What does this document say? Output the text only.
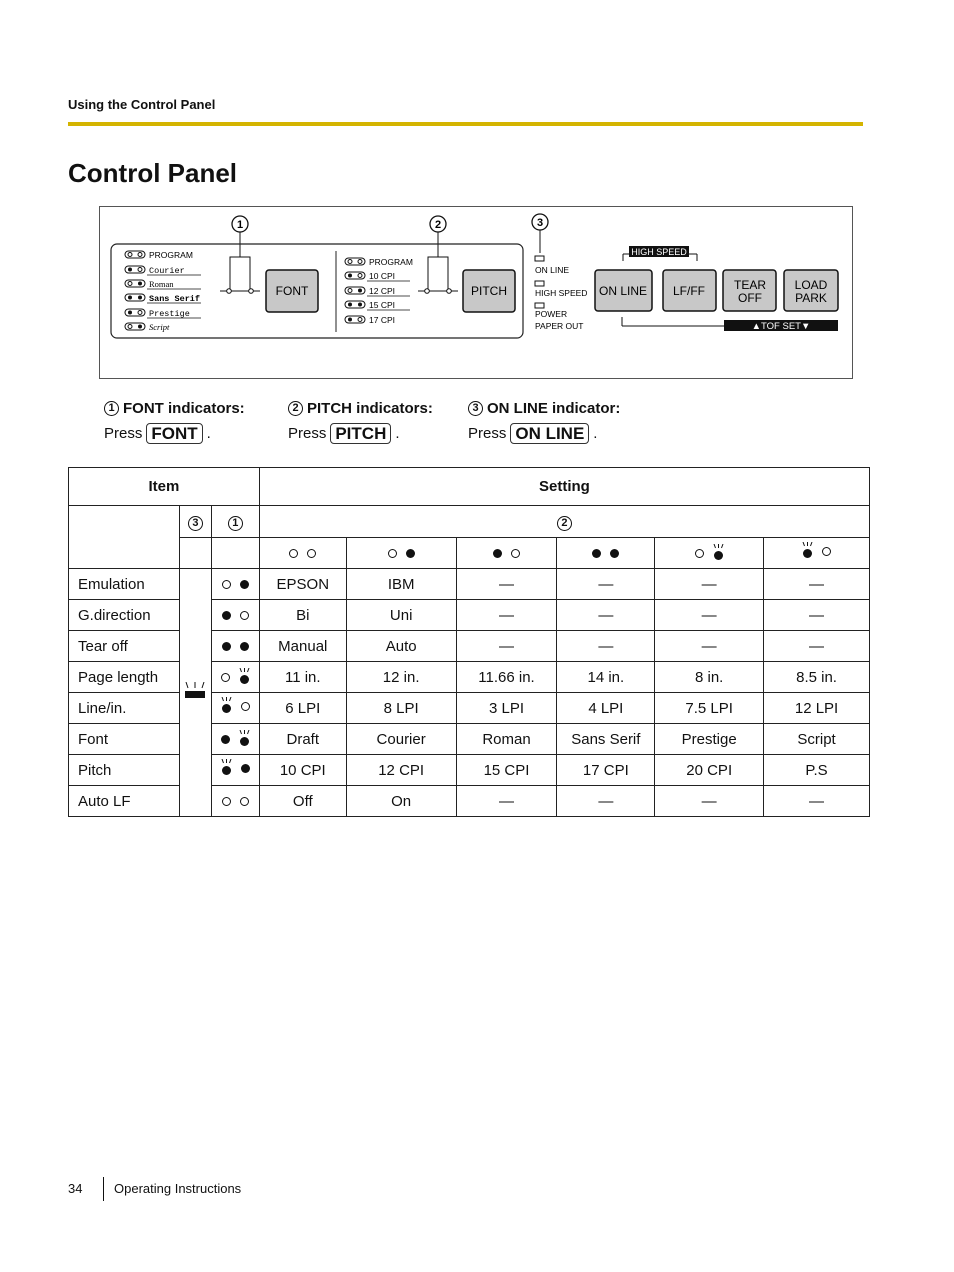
Using the Control Panel
Control Panel
1	2	3
PROGRAM
Courier
Roman
Sans Serif
Prestige
Script
FONT
PROGRAM
10 CPI
12 CPI
15 CPI
17 CPI
PITCH
ON LINE
HIGH SPEED
POWER
PAPER OUT
HIGH SPEED
ON LINE LF/FF TEAR
OFF
LOAD
PARK
▲TOF SET▼
1 FONT indicators:
Press FONT .
2 PITCH indicators:
Press PITCH .
3 ON LINE indicator:
Press ON LINE .
Item			Setting					
	3	1	2					

Emulation			EPSON	IBM	—	—	—	—
G.direction			Bi	Uni	—	—	—	—
Tear off			Manual	Auto	—	—	—	—
Page length			11 in.	12 in.	11.66 in.	14 in.	8 in.	8.5 in.
Line/in.			6 LPI	8 LPI	3 LPI	4 LPI	7.5 LPI	12 LPI
Font			Draft	Courier	Roman	Sans Serif	Prestige	Script
Pitch			10 CPI	12 CPI	15 CPI	17 CPI	20 CPI	P.S
Auto LF			Off	On	—	—	—	—
34 Operating Instructions
